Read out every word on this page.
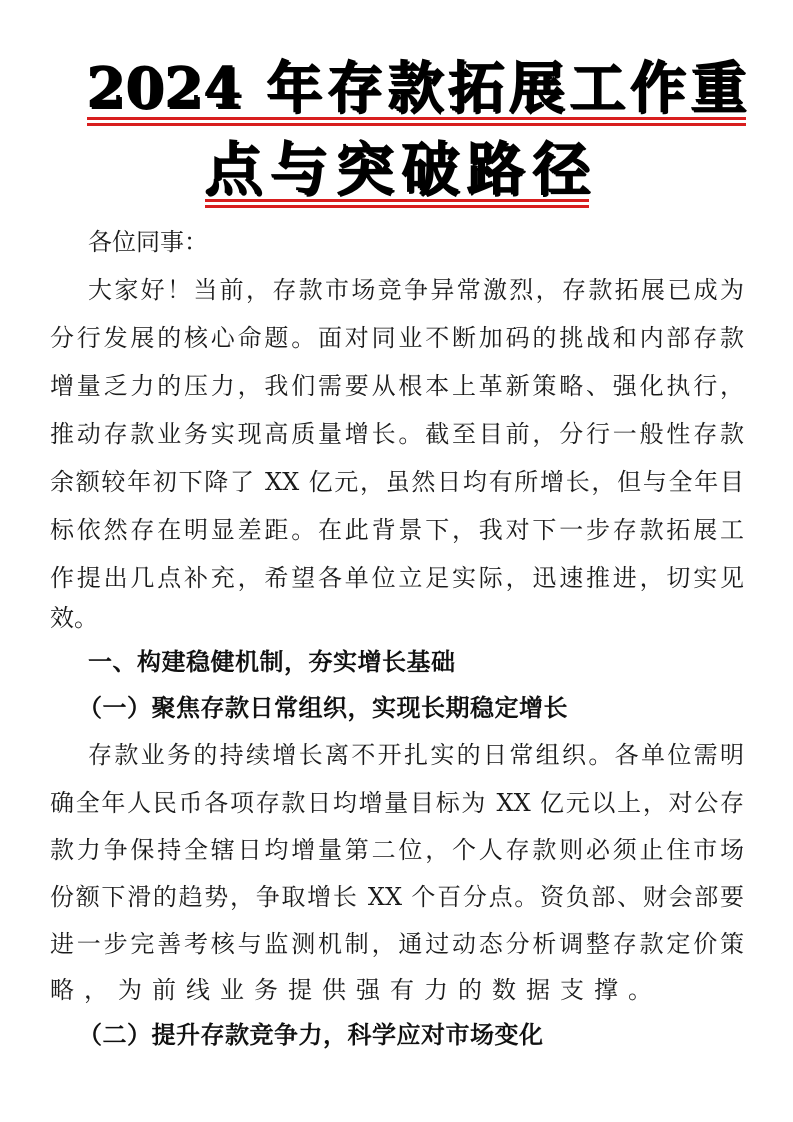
2024 年存款拓展工作重
点与突破路径
各位同事：
大家好！当前，存款市场竞争异常激烈，存款拓展已成为
分行发展的核心命题。面对同业不断加码的挑战和内部存款
增量乏力的压力，我们需要从根本上革新策略、强化执行，
推动存款业务实现高质量增长。截至目前，分行一般性存款
余额较年初下降了 XX 亿元，虽然日均有所增长，但与全年目
标依然存在明显差距。在此背景下，我对下一步存款拓展工
作提出几点补充，希望各单位立足实际，迅速推进，切实见
效。
一、构建稳健机制，夯实增长基础
（一）聚焦存款日常组织，实现长期稳定增长
存款业务的持续增长离不开扎实的日常组织。各单位需明
确全年人民币各项存款日均增量目标为 XX 亿元以上，对公存
款力争保持全辖日均增量第二位，个人存款则必须止住市场
份额下滑的趋势，争取增长 XX 个百分点。资负部、财会部要
进一步完善考核与监测机制，通过动态分析调整存款定价策
略，为前线业务提供强有力的数据支撑。
（二）提升存款竞争力，科学应对市场变化
